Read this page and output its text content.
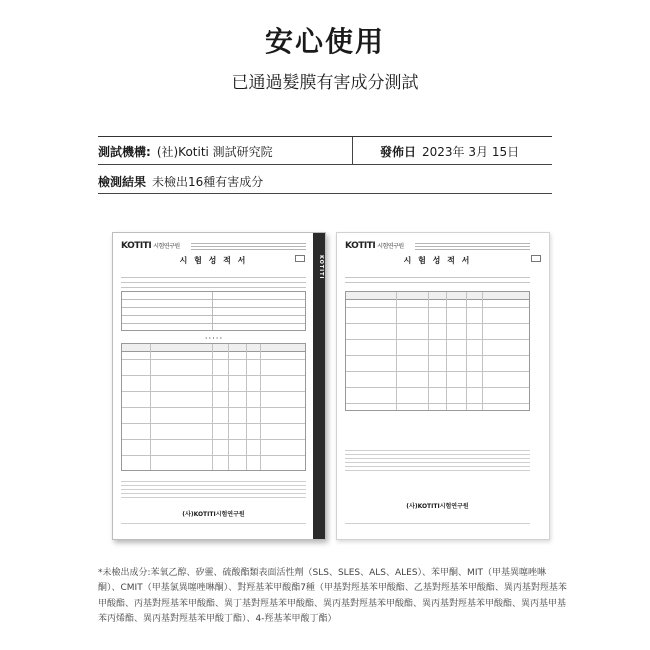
安心使用
已通過髮膜有害成分測試
測試機構: (社)Kotiti 測試研究院	發佈日 2023年 3月 15日
檢測結果 未檢出16種有害成分
KOTITI 시험연구원
시 험 성 적 서

· · · · ·
(사)KOTITI시험연구원
KOTITI
KOTITI 시험연구원
시 험 성 적 서

(사)KOTITI시험연구원
*未檢出成分:苯氧乙醇、矽靈、硫酸酯類表面活性劑（SLS、SLES、ALS、ALES）、苯甲酮、MIT（甲基異噻唑啉酮）、CMIT（甲基氯異噻唑啉酮）、對羥基苯甲酸酯7種（甲基對羥基苯甲酸酯、乙基對羥基苯甲酸酯、異丙基對羥基苯甲酸酯、丙基對羥基苯甲酸酯、異丁基對羥基苯甲酸酯、異丙基對羥基苯甲酸酯、異丙基對羥基苯甲酸酯、異丙基甲基苯丙烯酯、異丙基對羥基苯甲酸丁酯）、4-羥基苯甲酸丁酯）
